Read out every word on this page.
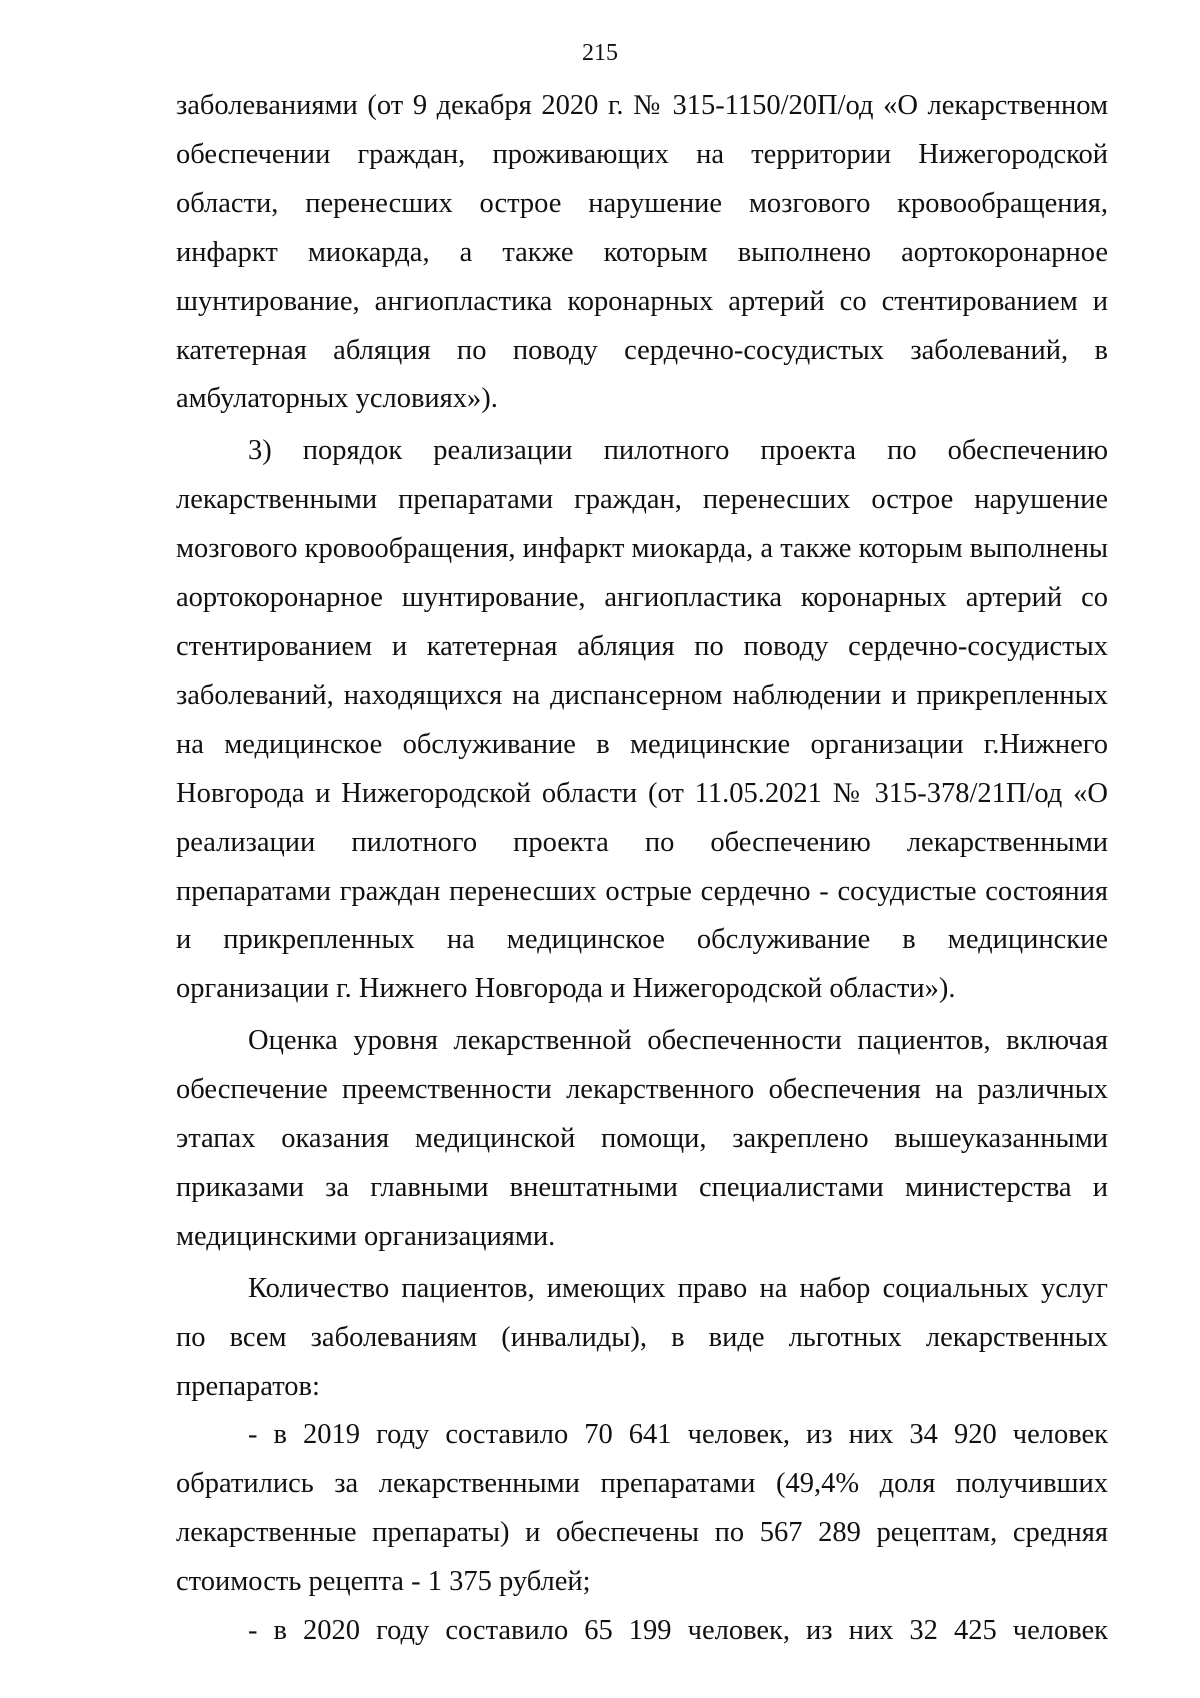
215

заболеваниями (от 9 декабря 2020 г. № 315-1150/20П/од «О лекарственном обеспечении граждан, проживающих на территории Нижегородской области, перенесших острое нарушение мозгового кровообращения, инфаркт миокарда, а также которым выполнено аортокоронарное шунтирование, ангиопластика коронарных артерий со стентированием и катетерная абляция по поводу сердечно-сосудистых заболеваний, в амбулаторных условиях»).

3) порядок реализации пилотного проекта по обеспечению лекарственными препаратами граждан, перенесших острое нарушение мозгового кровообращения, инфаркт миокарда, а также которым выполнены аортокоронарное шунтирование, ангиопластика коронарных артерий со стентированием и катетерная абляция по поводу сердечно-сосудистых заболеваний, находящихся на диспансерном наблюдении и прикрепленных на медицинское обслуживание в медицинские организации г.Нижнего Новгорода и Нижегородской области (от 11.05.2021 № 315-378/21П/од «О реализации пилотного проекта по обеспечению лекарственными препаратами граждан перенесших острые сердечно - сосудистые состояния и прикрепленных на медицинское обслуживание в медицинские организации г. Нижнего Новгорода и Нижегородской области»).

Оценка уровня лекарственной обеспеченности пациентов, включая обеспечение преемственности лекарственного обеспечения на различных этапах оказания медицинской помощи, закреплено вышеуказанными приказами за главными внештатными специалистами министерства и медицинскими организациями.

Количество пациентов, имеющих право на набор социальных услуг по всем заболеваниям (инвалиды), в виде льготных лекарственных препаратов:

- в 2019 году составило 70 641 человек, из них 34 920 человек обратились за лекарственными препаратами (49,4% доля получивших лекарственные препараты) и обеспечены по 567 289 рецептам, средняя стоимость рецепта - 1 375 рублей;

- в 2020 году составило 65 199 человек, из них 32 425 человек
